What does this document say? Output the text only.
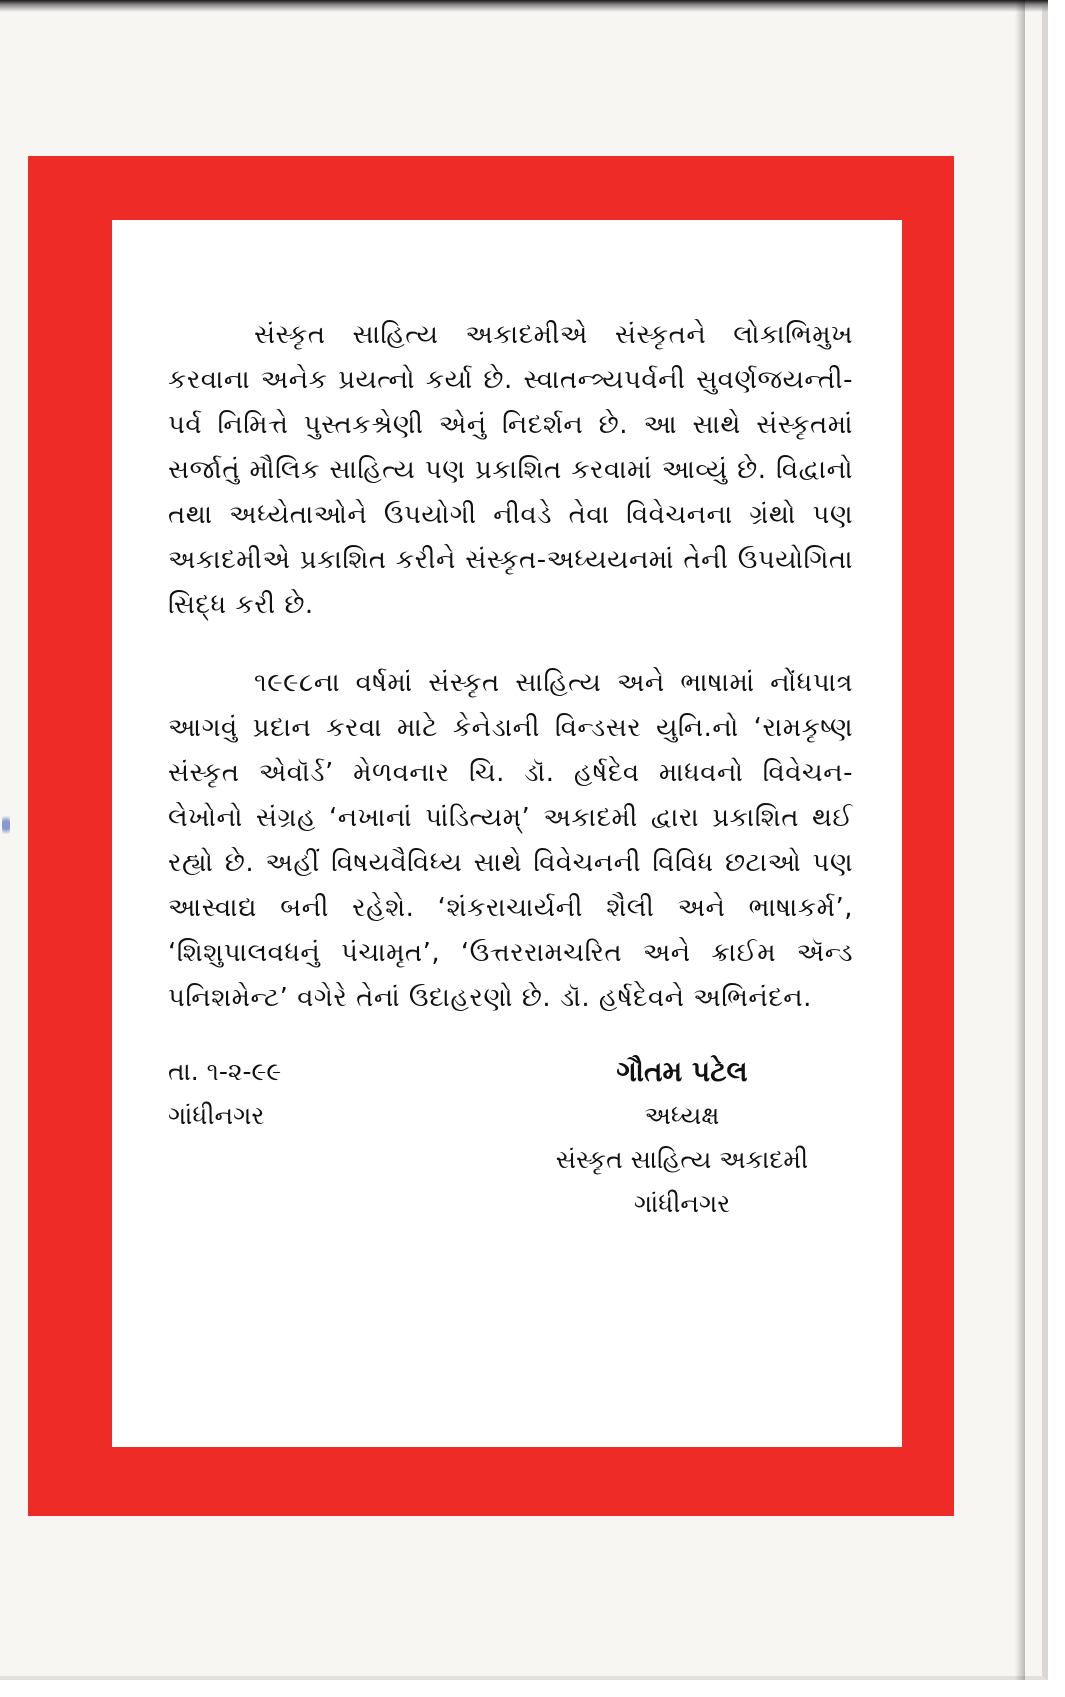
સંસ્કૃત સાહિત્ય અકાદમીએ સંસ્કૃતને લોકાભિમુખ કરવાના અનેક પ્રયત્નો કર્યા છે. સ્વાતન્ત્ર્યપર્વની સુવર્ણજયન્તી-પર્વ નિમિત્તે પુસ્તકશ્રેણી એનું નિદર્શન છે. આ સાથે સંસ્કૃતમાં સર્જાતું મૌલિક સાહિત્ય પણ પ્રકાશિત કરવામાં આવ્યું છે. વિદ્વાનો તથા અધ્યેતાઓને ઉપયોગી નીવડે તેવા વિવેચનના ગ્રંથો પણ અકાદમીએ પ્રકાશિત કરીને સંસ્કૃત-અધ્યયનમાં તેની ઉપયોગિતા સિદ્ધ કરી છે.

૧૯૯૮ના વર્ષમાં સંસ્કૃત સાહિત્ય અને ભાષામાં નોંધપાત્ર આગવું પ્રદાન કરવા માટે કેનેડાની વિન્ડસર યુનિ.નો ‘રામકૃષ્ણ સંસ્કૃત એવૉર્ડ’ મેળવનાર ચિ. ડૉ. હર્ષદેવ માધવનો વિવેચન-લેખોનો સંગ્રહ ‘નખાનાં પાંડિત્યમ્’ અકાદમી દ્વારા પ્રકાશિત થઈ રહ્યો છે. અહીં વિષયવૈવિધ્ય સાથે વિવેચનની વિવિધ છટાઓ પણ આસ્વાદ્ય બની રહેશે. ‘શંકરાચાર્યની શૈલી અને ભાષાકર્મ’, ‘શિશુપાલવધનું પંચામૃત’, ‘ઉત્તરરામચરિત અને ક્રાઈમ ઍન્ડ પનિશમેન્ટ’ વગેરે તેનાં ઉદાહરણો છે. ડૉ. હર્ષદેવને અભિનંદન.

તા. ૧-૨-૯૯
ગાંધીનગર
ગૌતમ પટેલ
અધ્યક્ષ
સંસ્કૃત સાહિત્ય અકાદમી
ગાંધીનગર
